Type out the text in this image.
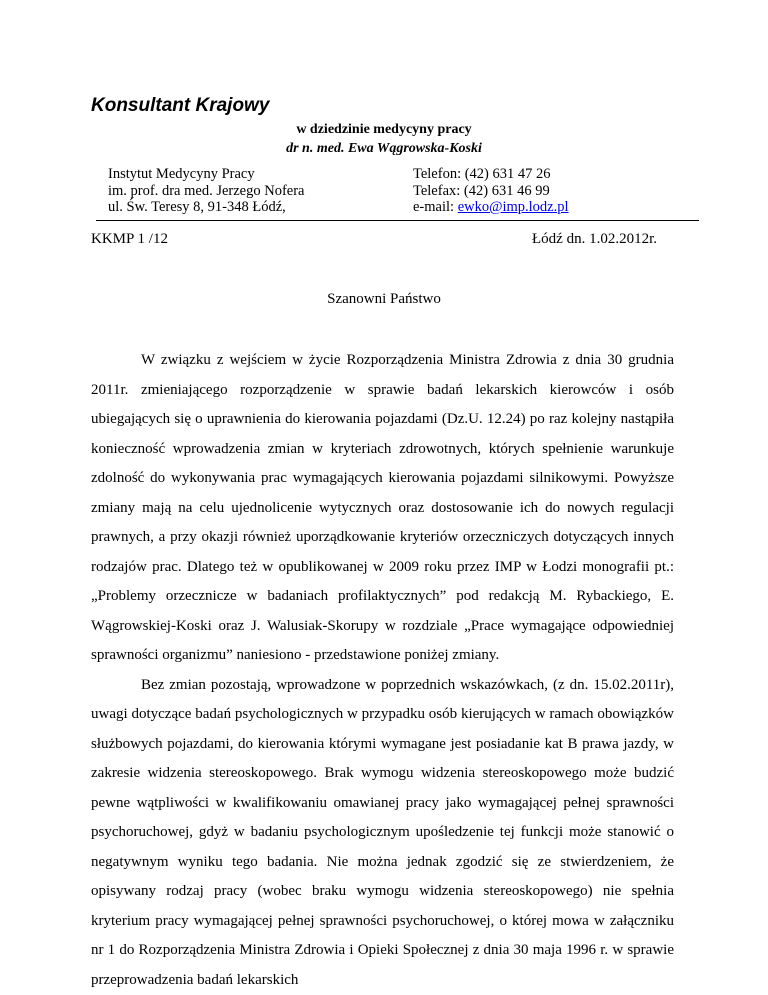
Konsultant Krajowy
w dziedzinie medycyny pracy
dr n. med. Ewa Wągrowska-Koski
Instytut Medycyny Pracy
im. prof. dra med. Jerzego Nofera
ul. Św. Teresy 8, 91-348 Łódź,
Telefon: (42) 631 47 26
Telefax: (42) 631 46 99
e-mail: ewko@imp.lodz.pl
KKMP 1 /12	Łódź dn. 1.02.2012r.
Szanowni Państwo

W związku z wejściem w życie Rozporządzenia Ministra Zdrowia z dnia 30 grudnia 2011r. zmieniającego rozporządzenie w sprawie badań lekarskich kierowców i osób ubiegających się o uprawnienia do kierowania pojazdami (Dz.U. 12.24) po raz kolejny nastąpiła konieczność wprowadzenia zmian w kryteriach zdrowotnych, których spełnienie warunkuje zdolność do wykonywania prac wymagających kierowania pojazdami silnikowymi. Powyższe zmiany mają na celu ujednolicenie wytycznych oraz dostosowanie ich do nowych regulacji prawnych, a przy okazji również uporządkowanie kryteriów orzeczniczych dotyczących innych rodzajów prac. Dlatego też w opublikowanej w 2009 roku przez IMP w Łodzi monografii pt.: „Problemy orzecznicze w badaniach profilaktycznych” pod redakcją M. Rybackiego, E. Wągrowskiej-Koski oraz J. Walusiak-Skorupy w rozdziale „Prace wymagające odpowiedniej sprawności organizmu” naniesiono - przedstawione poniżej zmiany.

Bez zmian pozostają, wprowadzone w poprzednich wskazówkach, (z dn. 15.02.2011r), uwagi dotyczące badań psychologicznych w przypadku osób kierujących w ramach obowiązków służbowych pojazdami, do kierowania którymi wymagane jest posiadanie kat B prawa jazdy, w zakresie widzenia stereoskopowego. Brak wymogu widzenia stereoskopowego może budzić pewne wątpliwości w kwalifikowaniu omawianej pracy jako wymagającej pełnej sprawności psychoruchowej, gdyż w badaniu psychologicznym upośledzenie tej funkcji może stanowić o negatywnym wyniku tego badania. Nie można jednak zgodzić się ze stwierdzeniem, że opisywany rodzaj pracy (wobec braku wymogu widzenia stereoskopowego) nie spełnia kryterium pracy wymagającej pełnej sprawności psychoruchowej, o której mowa w załączniku nr 1 do Rozporządzenia Ministra Zdrowia i Opieki Społecznej z dnia 30 maja 1996 r. w sprawie przeprowadzenia badań lekarskich
